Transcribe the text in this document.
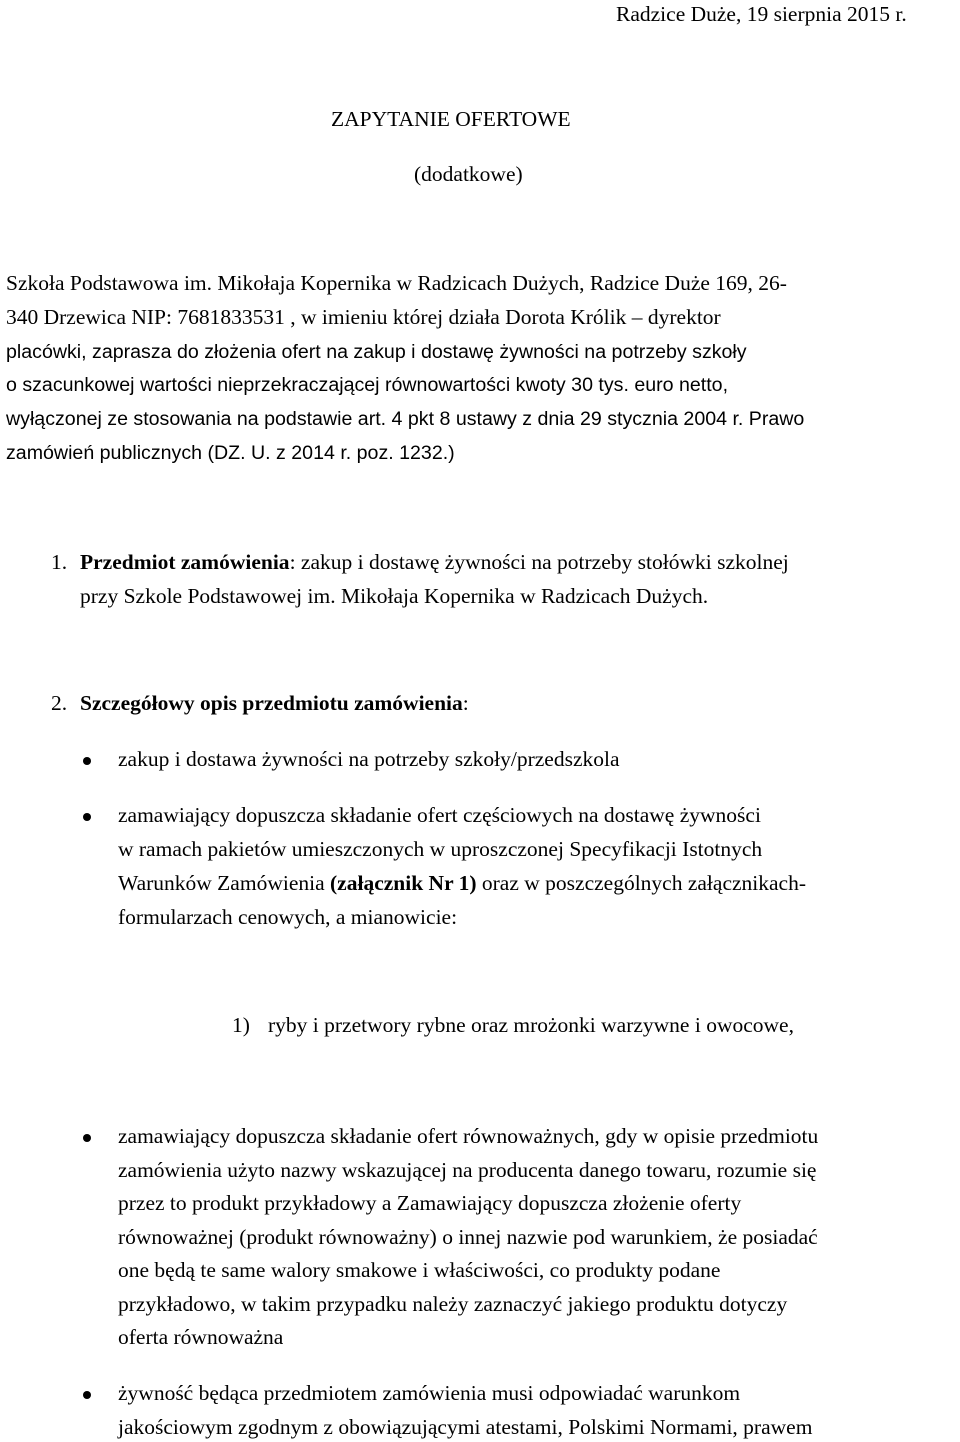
Radzice Duże, 19 sierpnia 2015 r.
ZAPYTANIE OFERTOWE
(dodatkowe)
Szkoła Podstawowa im. Mikołaja Kopernika w Radzicach Dużych, Radzice Duże 169, 26-
340 Drzewica NIP: 7681833531 , w imieniu której działa Dorota Królik – dyrektor
placówki, zaprasza do złożenia ofert na zakup i dostawę żywności na potrzeby szkoły
o szacunkowej wartości nieprzekraczającej równowartości kwoty 30 tys. euro netto,
wyłączonej ze stosowania na podstawie art. 4 pkt 8 ustawy z dnia 29 stycznia 2004 r. Prawo
zamówień publicznych (DZ. U. z 2014 r. poz. 1232.)
1. Przedmiot zamówienia: zakup i dostawę żywności na potrzeby stołówki szkolnej
przy Szkole Podstawowej im. Mikołaja Kopernika w Radzicach Dużych.
2. Szczegółowy opis przedmiotu zamówienia:
zakup i dostawa żywności na potrzeby szkoły/przedszkola
zamawiający dopuszcza składanie ofert częściowych na dostawę żywności
w ramach pakietów umieszczonych w uproszczonej Specyfikacji Istotnych
Warunków Zamówienia (załącznik Nr 1) oraz w poszczególnych załącznikach-
formularzach cenowych, a mianowicie:
1) ryby i przetwory rybne oraz mrożonki warzywne i owocowe,
zamawiający dopuszcza składanie ofert równoważnych, gdy w opisie przedmiotu
zamówienia użyto nazwy wskazującej na producenta danego towaru, rozumie się
przez to produkt przykładowy a Zamawiający dopuszcza złożenie oferty
równoważnej (produkt równoważny) o innej nazwie pod warunkiem, że posiadać
one będą te same walory smakowe i właściwości, co produkty podane
przykładowo, w takim przypadku należy zaznaczyć jakiego produktu dotyczy
oferta równoważna
żywność będąca przedmiotem zamówienia musi odpowiadać warunkom
jakościowym zgodnym z obowiązującymi atestami, Polskimi Normami, prawem
